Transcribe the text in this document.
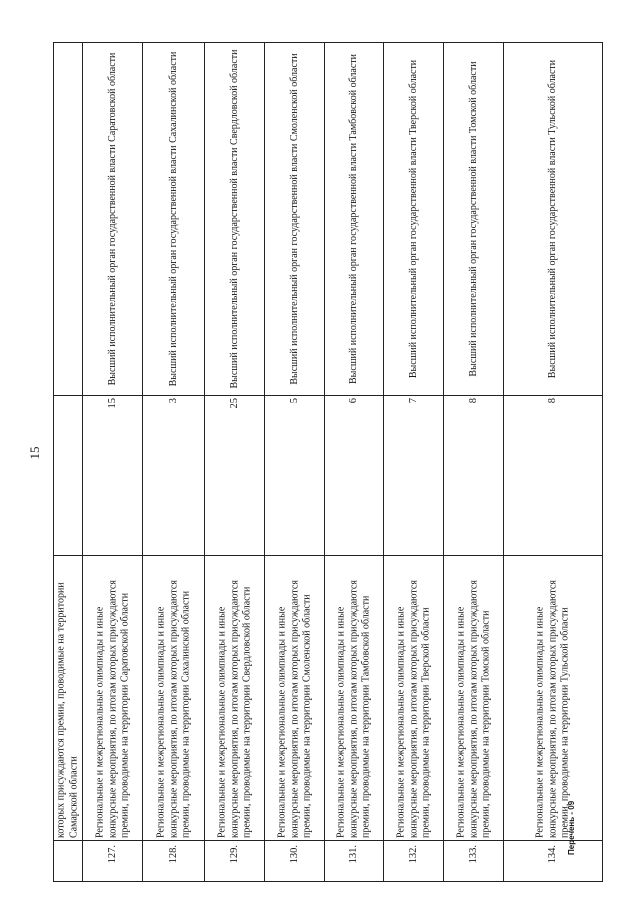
15
которых присуждаются премии, проводимые на территории Самарской области
127.
Региональные и межрегиональные олимпиады и иные конкурсные мероприятия, по итогам которых присуждаются премии, проводимые на территории Саратовской области
15
Высший исполнительный орган государственной власти Саратовской области
128.
Региональные и межрегиональные олимпиады и иные конкурсные мероприятия, по итогам которых присуждаются премии, проводимые на территории Сахалинской области
3
Высший исполнительный орган государственной власти Сахалинской области
129.
Региональные и межрегиональные олимпиады и иные конкурсные мероприятия, по итогам которых присуждаются премии, проводимые на территории Свердловской области
25
Высший исполнительный орган государственной власти Свердловской области
130.
Региональные и межрегиональные олимпиады и иные конкурсные мероприятия, по итогам которых присуждаются премии, проводимые на территории Смоленской области
5
Высший исполнительный орган государственной власти Смоленской области
131.
Региональные и межрегиональные олимпиады и иные конкурсные мероприятия, по итогам которых присуждаются премии, проводимые на территории Тамбовской области
6
Высший исполнительный орган государственной власти Тамбовской области
132.
Региональные и межрегиональные олимпиады и иные конкурсные мероприятия, по итогам которых присуждаются премии, проводимые на территории Тверской области
7
Высший исполнительный орган государственной власти Тверской области
133.
Региональные и межрегиональные олимпиады и иные конкурсные мероприятия, по итогам которых присуждаются премии, проводимые на территории Томской области
8
Высший исполнительный орган государственной власти Томской области
134.
Региональные и межрегиональные олимпиады и иные конкурсные мероприятия, по итогам которых присуждаются премии, проводимые на территории Тульской области
8
Высший исполнительный орган государственной власти Тульской области
Перечень - 09
